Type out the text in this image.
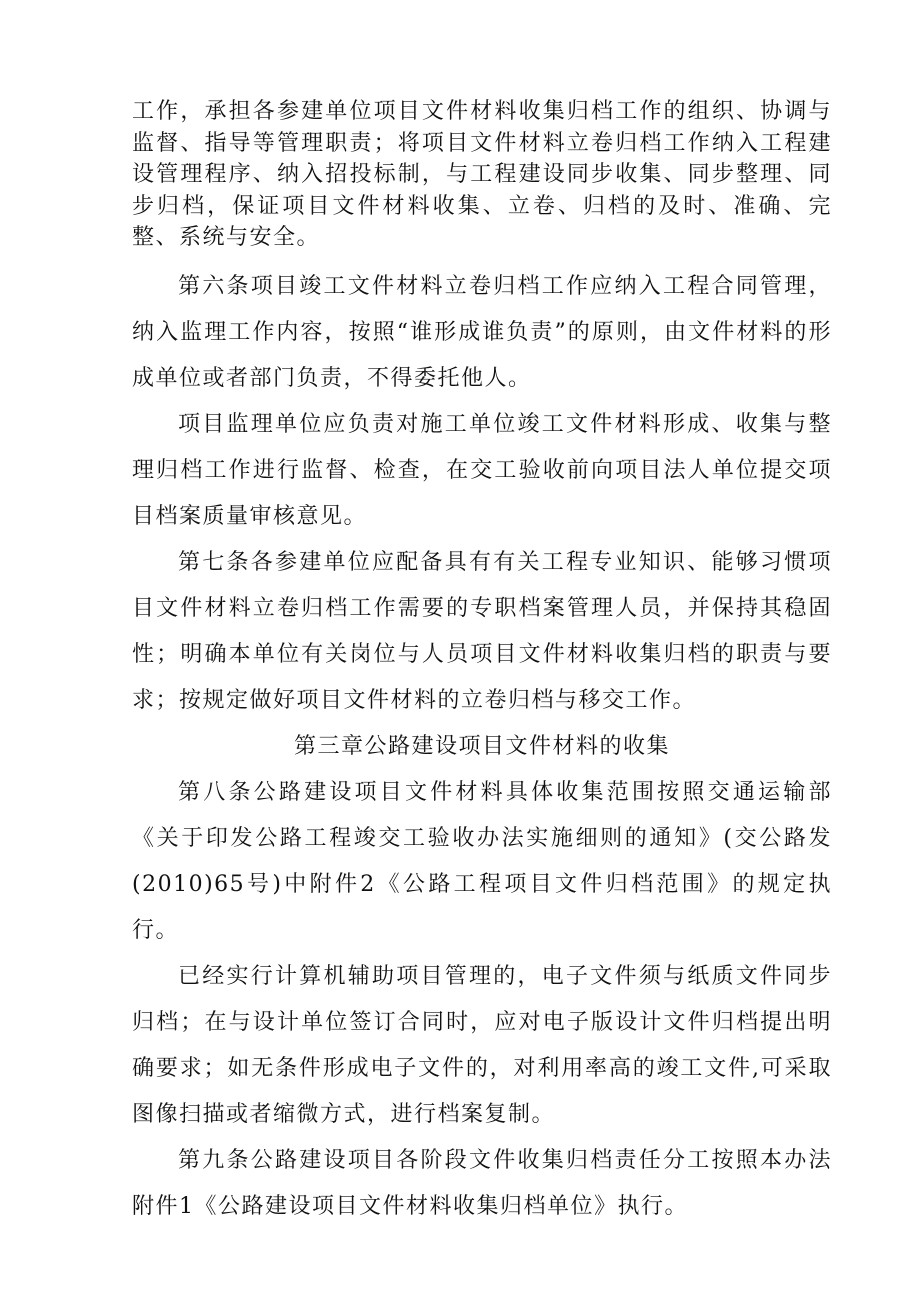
工作，承担各参建单位项目文件材料收集归档工作的组织、协调与监督、指导等管理职责；将项目文件材料立卷归档工作纳入工程建设管理程序、纳入招投标制，与工程建设同步收集、同步整理、同步归档，保证项目文件材料收集、立卷、归档的及时、准确、完整、系统与安全。

第六条项目竣工文件材料立卷归档工作应纳入工程合同管理，纳入监理工作内容，按照“谁形成谁负责”的原则，由文件材料的形成单位或者部门负责，不得委托他人。

项目监理单位应负责对施工单位竣工文件材料形成、收集与整理归档工作进行监督、检查，在交工验收前向项目法人单位提交项目档案质量审核意见。

第七条各参建单位应配备具有有关工程专业知识、能够习惯项目文件材料立卷归档工作需要的专职档案管理人员，并保持其稳固性；明确本单位有关岗位与人员项目文件材料收集归档的职责与要求；按规定做好项目文件材料的立卷归档与移交工作。

第三章公路建设项目文件材料的收集

第八条公路建设项目文件材料具体收集范围按照交通运输部《关于印发公路工程竣交工验收办法实施细则的通知》(交公路发(2010)65号)中附件2《公路工程项目文件归档范围》的规定执行。

已经实行计算机辅助项目管理的，电子文件须与纸质文件同步归档；在与设计单位签订合同时，应对电子版设计文件归档提出明确要求；如无条件形成电子文件的，对利用率高的竣工文件,可采取图像扫描或者缩微方式，进行档案复制。

第九条公路建设项目各阶段文件收集归档责任分工按照本办法附件1《公路建设项目文件材料收集归档单位》执行。
